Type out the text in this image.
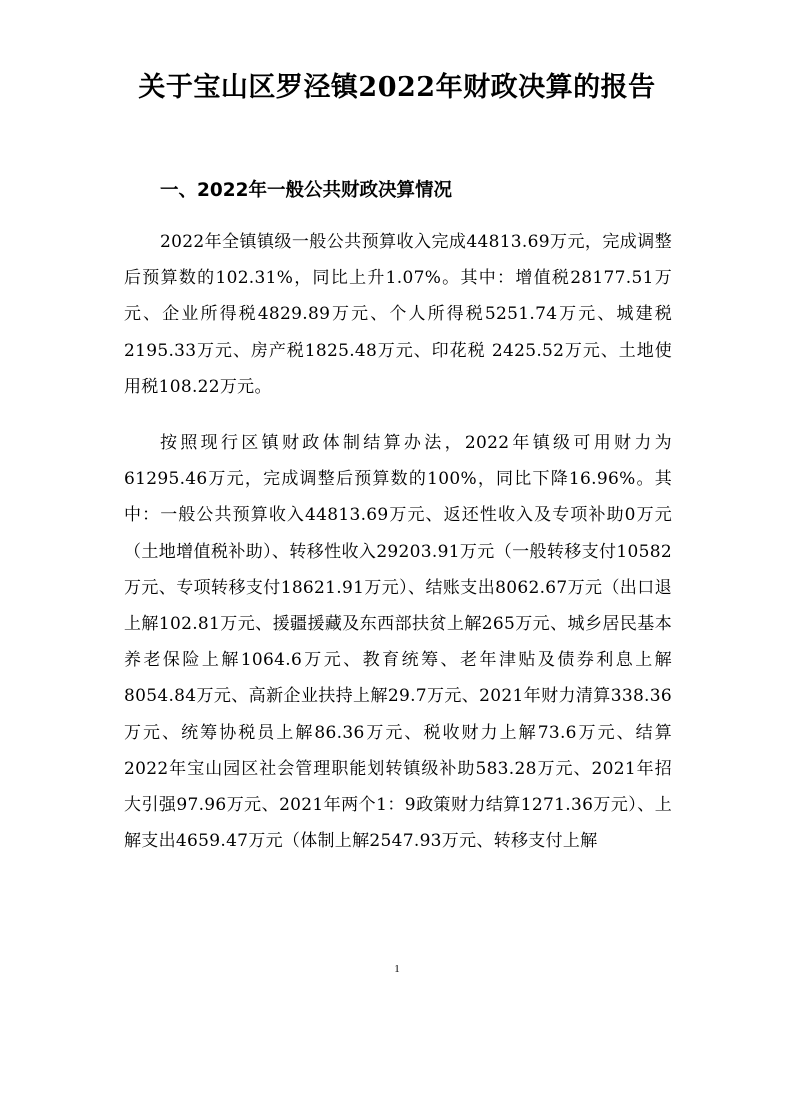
关于宝山区罗泾镇2022年财政决算的报告
一、2022年一般公共财政决算情况

2022年全镇镇级一般公共预算收入完成44813.69万元，完成调整后预算数的102.31%，同比上升1.07%。其中：增值税28177.51万元、企业所得税4829.89万元、个人所得税5251.74万元、城建税2195.33万元、房产税1825.48万元、印花税 2425.52万元、土地使用税108.22万元。

按照现行区镇财政体制结算办法，2022年镇级可用财力为61295.46万元，完成调整后预算数的100%，同比下降16.96%。其中：一般公共预算收入44813.69万元、返还性收入及专项补助0万元（土地增值税补助）、转移性收入29203.91万元（一般转移支付10582万元、专项转移支付18621.91万元）、结账支出8062.67万元（出口退上解102.81万元、援疆援藏及东西部扶贫上解265万元、城乡居民基本养老保险上解1064.6万元、教育统筹、老年津贴及债券利息上解8054.84万元、高新企业扶持上解29.7万元、2021年财力清算338.36万元、统筹协税员上解86.36万元、税收财力上解73.6万元、结算2022年宝山园区社会管理职能划转镇级补助583.28万元、2021年招大引强97.96万元、2021年两个1：9政策财力结算1271.36万元）、上解支出4659.47万元（体制上解2547.93万元、转移支付上解

1
